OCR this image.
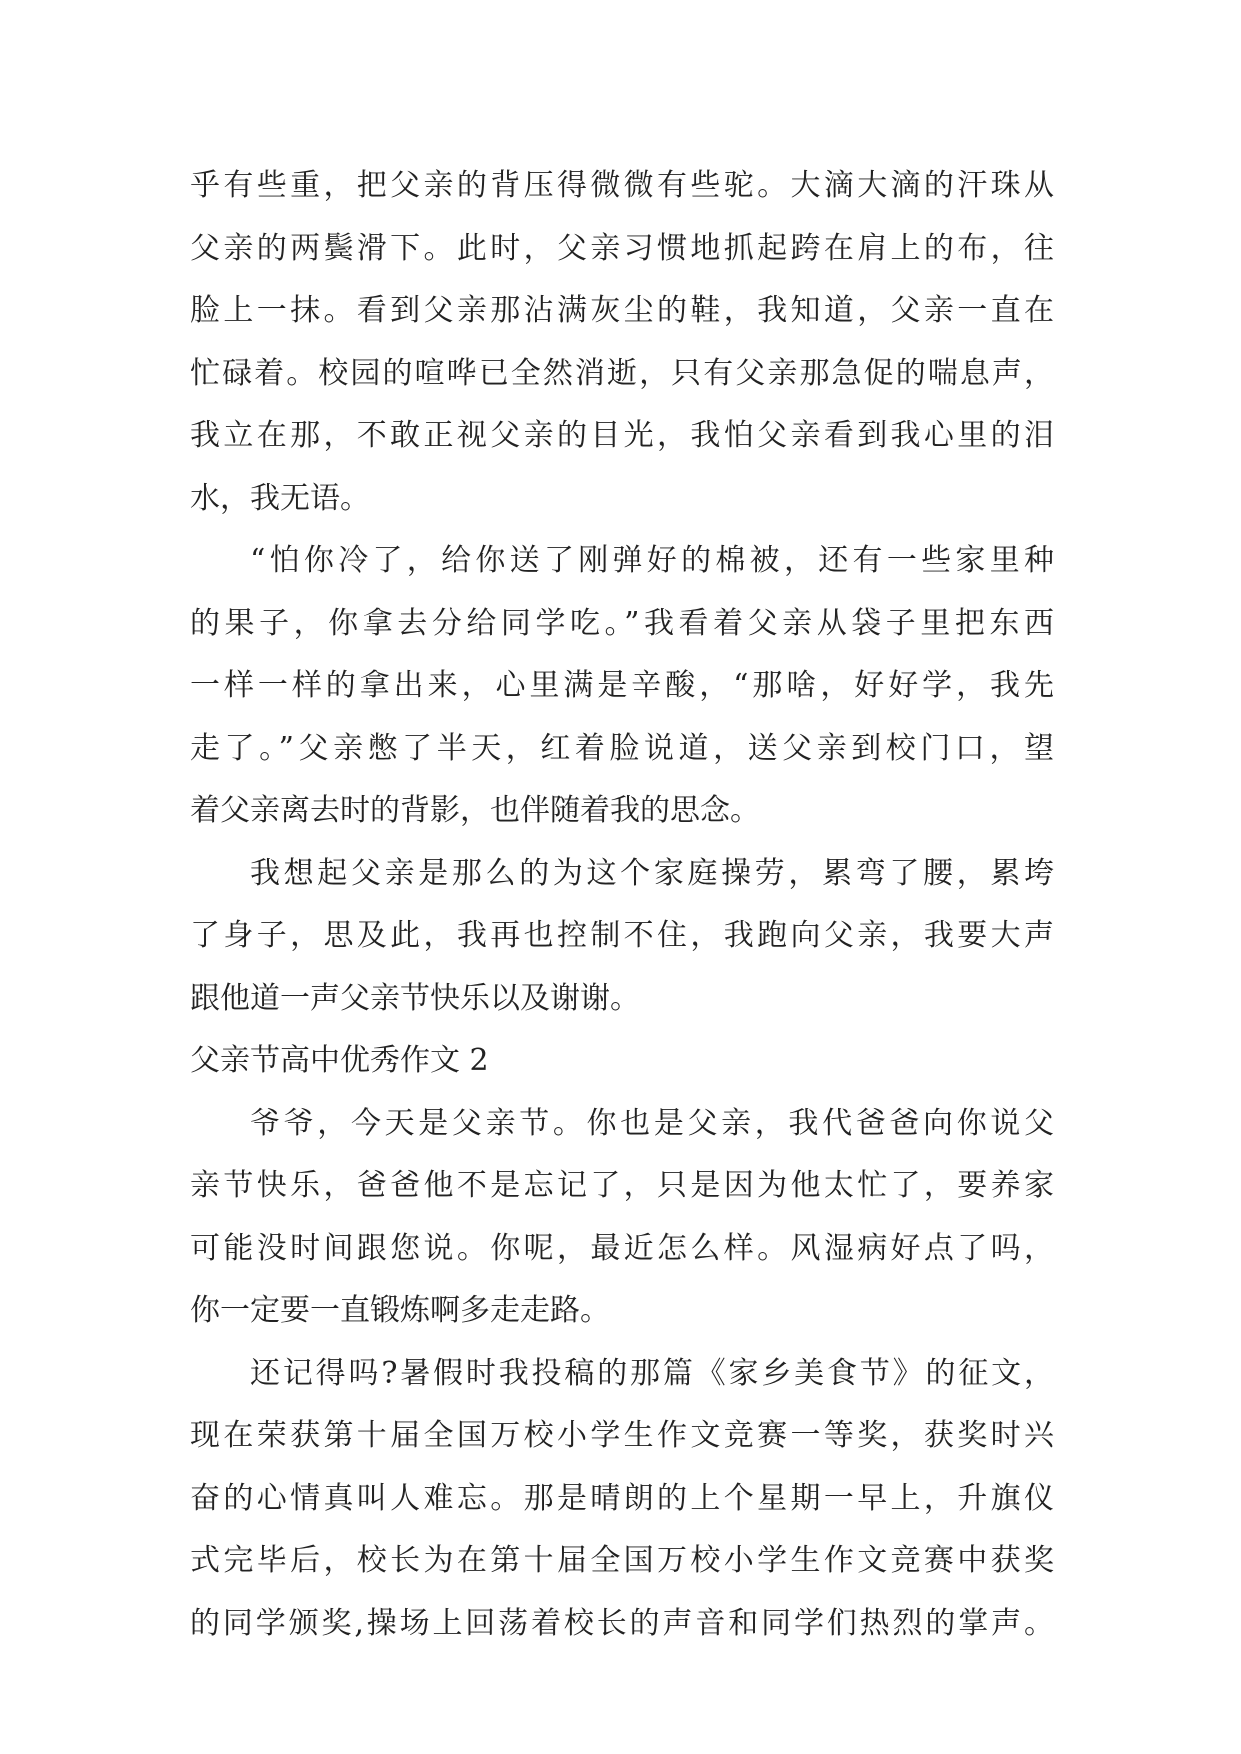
乎有些重，把父亲的背压得微微有些驼。大滴大滴的汗珠从
父亲的两鬓滑下。此时，父亲习惯地抓起跨在肩上的布，往
脸上一抹。看到父亲那沾满灰尘的鞋，我知道，父亲一直在
忙碌着。校园的喧哗已全然消逝，只有父亲那急促的喘息声，
我立在那，不敢正视父亲的目光，我怕父亲看到我心里的泪
水，我无语。
“怕你冷了，给你送了刚弹好的棉被，还有一些家里种
的果子，你拿去分给同学吃。”我看着父亲从袋子里把东西
一样一样的拿出来，心里满是辛酸，“那啥，好好学，我先
走了。”父亲憋了半天，红着脸说道，送父亲到校门口，望
着父亲离去时的背影，也伴随着我的思念。
我想起父亲是那么的为这个家庭操劳，累弯了腰，累垮
了身子，思及此，我再也控制不住，我跑向父亲，我要大声
跟他道一声父亲节快乐以及谢谢。
父亲节高中优秀作文 2
爷爷，今天是父亲节。你也是父亲，我代爸爸向你说父
亲节快乐，爸爸他不是忘记了，只是因为他太忙了，要养家
可能没时间跟您说。你呢，最近怎么样。风湿病好点了吗，
你一定要一直锻炼啊多走走路。
还记得吗?暑假时我投稿的那篇《家乡美食节》的征文，
现在荣获第十届全国万校小学生作文竞赛一等奖，获奖时兴
奋的心情真叫人难忘。那是晴朗的上个星期一早上，升旗仪
式完毕后，校长为在第十届全国万校小学生作文竞赛中获奖
的同学颁奖,操场上回荡着校长的声音和同学们热烈的掌声。
